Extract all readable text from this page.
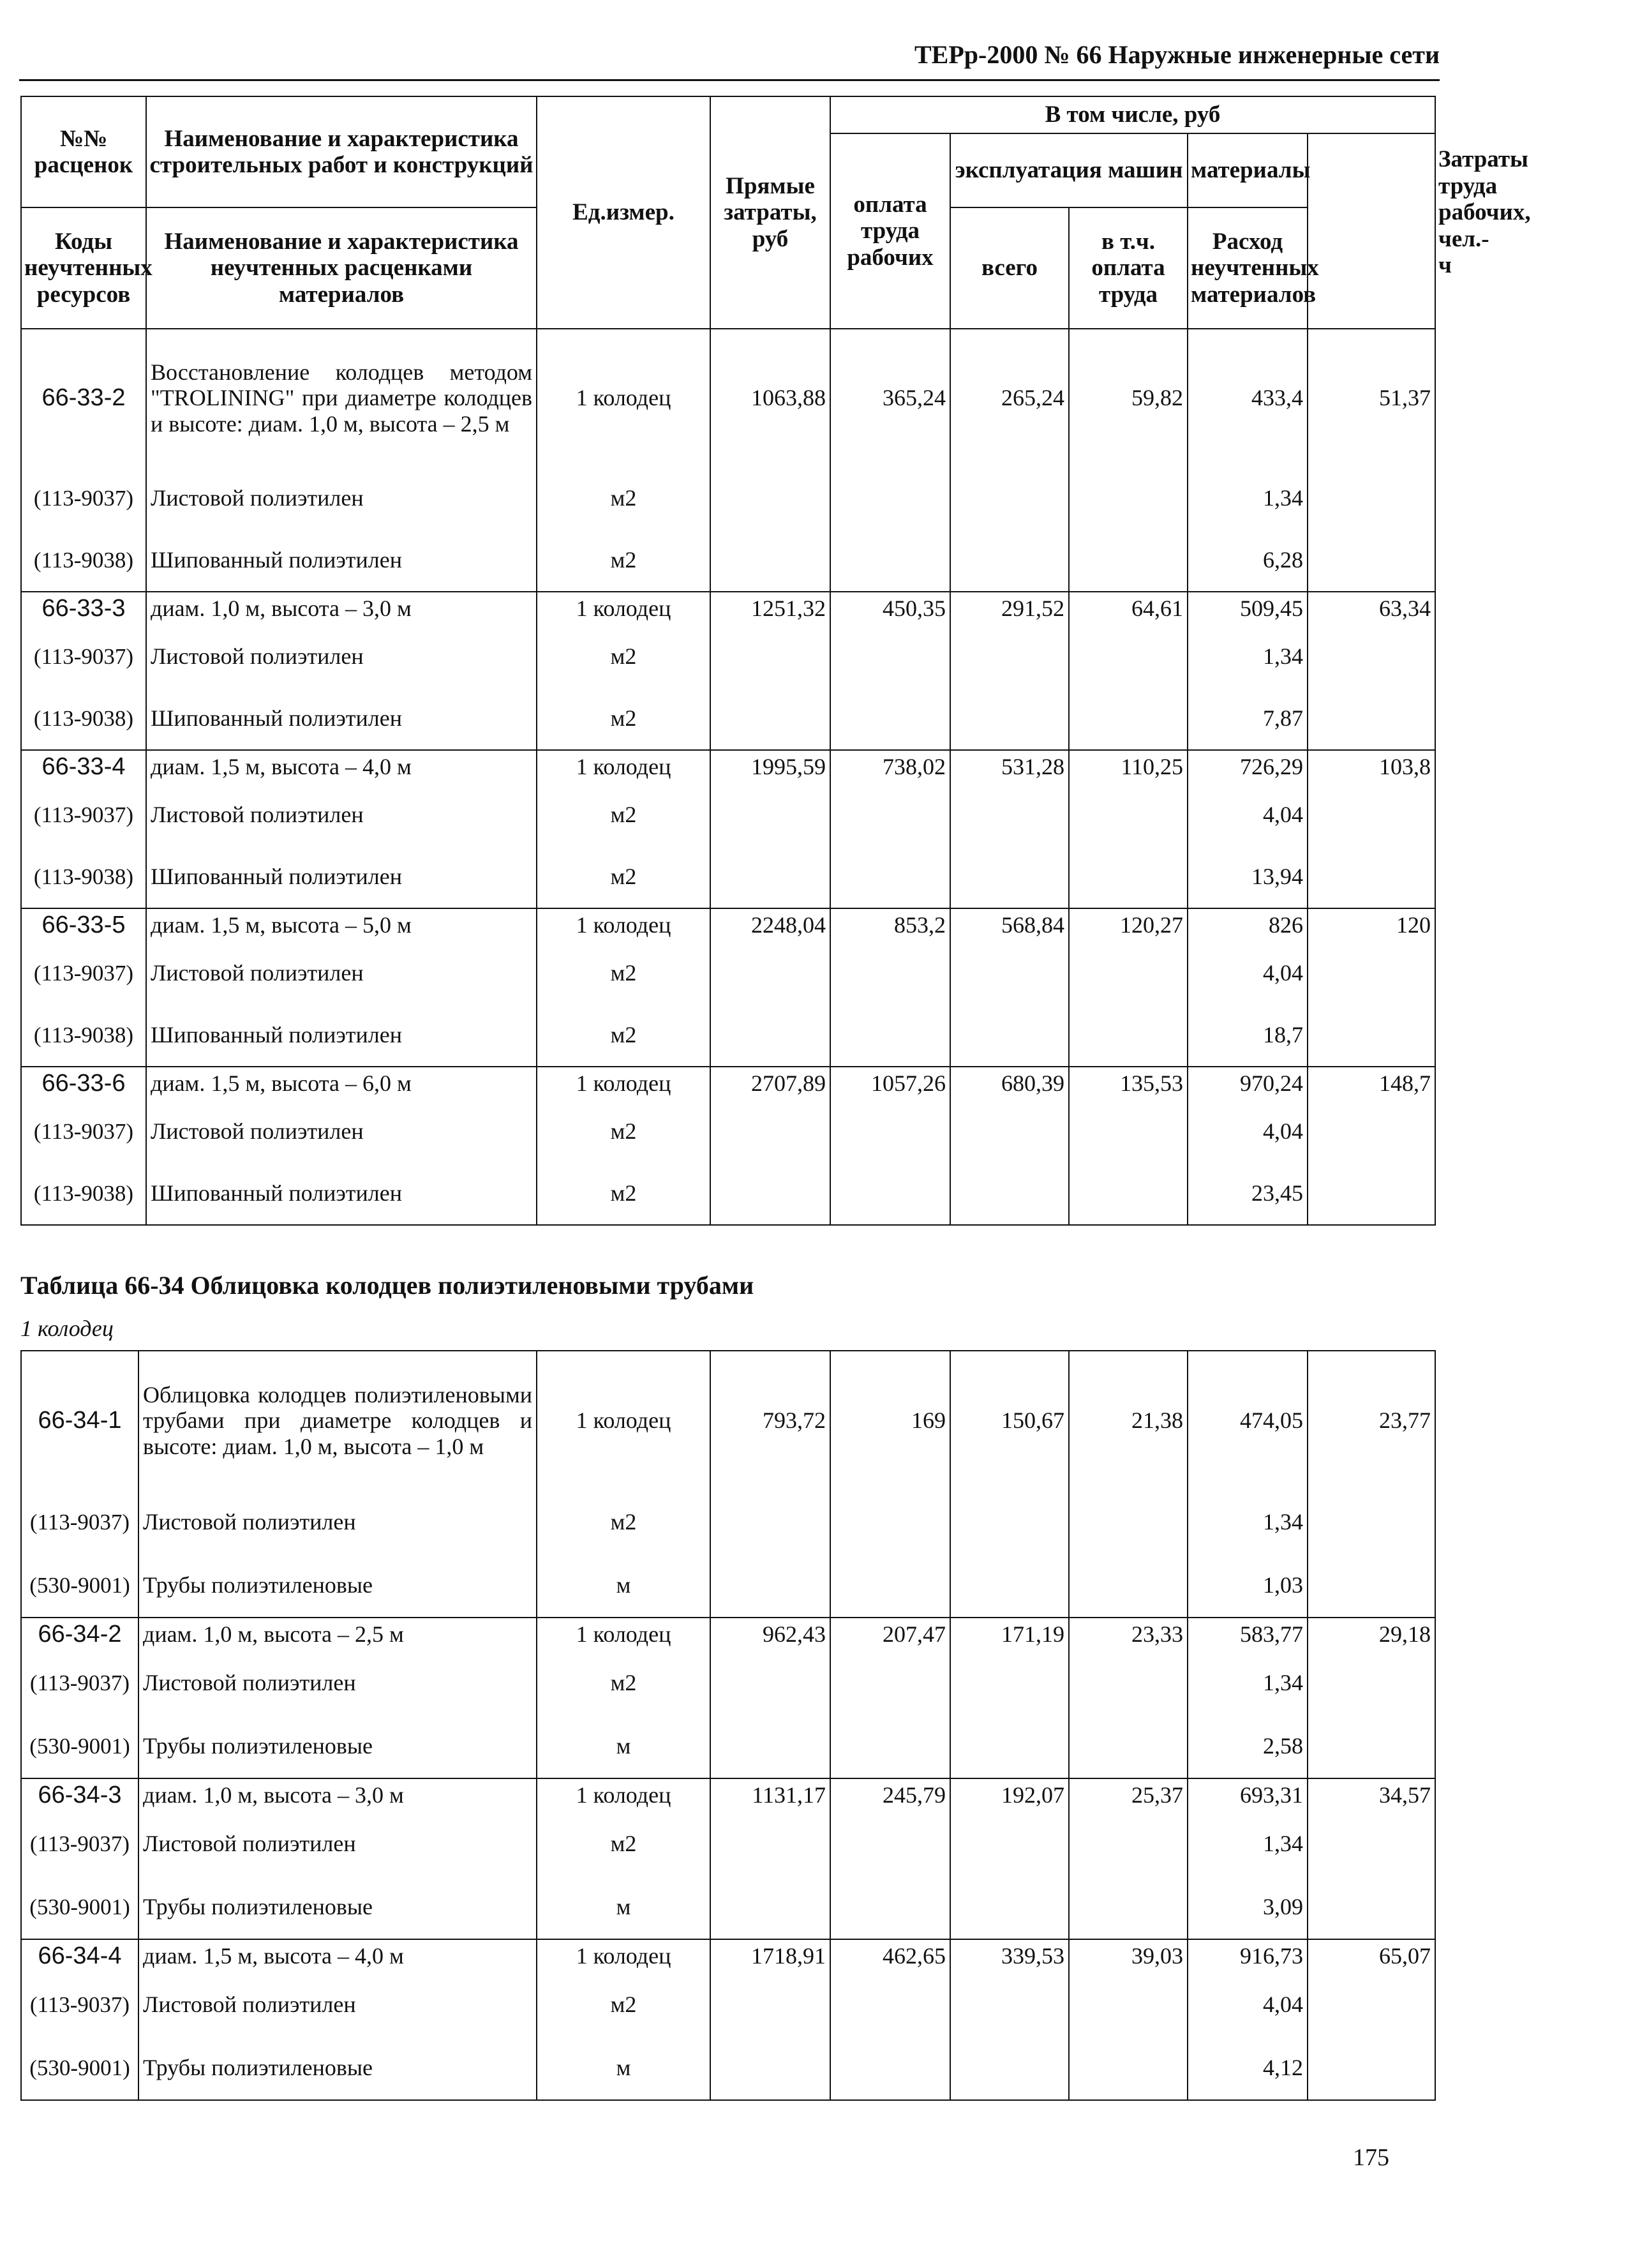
ТЕРр-2000 № 66 Наружные инженерные сети
№№ расценок	Наименование и характеристика строительных работ и конструкций	Ед.измер.	Прямые затраты, руб	В том числе, руб					Затраты труда рабочих, чел.-ч
				оплата труда рабочих	эксплуатация машин		материалы		

Коды неучтенных ресурсов	Наименование и характеристика неучтенных расценками материалов				всего	в т.ч. оплата труда	Расход неучтенных материалов		

66-33-2	Восстановление колодцев методом "TROLINING" при диаметре колодцев и высоте: диам. 1,0 м, высота – 2,5 м	1 колодец	1063,88	365,24	265,24	59,82	433,4	51,37	
(113-9037)	Листовой полиэтилен	м2					1,34		
(113-9038)	Шипованный полиэтилен	м2					6,28		
66-33-3	диам. 1,0 м, высота – 3,0 м	1 колодец	1251,32	450,35	291,52	64,61	509,45	63,34	
(113-9037)	Листовой полиэтилен	м2					1,34		
(113-9038)	Шипованный полиэтилен	м2					7,87		
66-33-4	диам. 1,5 м, высота – 4,0 м	1 колодец	1995,59	738,02	531,28	110,25	726,29	103,8	
(113-9037)	Листовой полиэтилен	м2					4,04		
(113-9038)	Шипованный полиэтилен	м2					13,94		
66-33-5	диам. 1,5 м, высота – 5,0 м	1 колодец	2248,04	853,2	568,84	120,27	826	120	
(113-9037)	Листовой полиэтилен	м2					4,04		
(113-9038)	Шипованный полиэтилен	м2					18,7		
66-33-6	диам. 1,5 м, высота – 6,0 м	1 колодец	2707,89	1057,26	680,39	135,53	970,24	148,7	
(113-9037)	Листовой полиэтилен	м2					4,04		
(113-9038)	Шипованный полиэтилен	м2					23,45		
Таблица 66-34 Облицовка колодцев полиэтиленовыми трубами
1 колодец
66-34-1	Облицовка колодцев полиэтиленовыми трубами при диаметре колодцев и высоте: диам. 1,0 м, высота – 1,0 м	1 колодец	793,72	169	150,67	21,38	474,05	23,77
(113-9037)	Листовой полиэтилен	м2					1,34	
(530-9001)	Трубы полиэтиленовые	м					1,03	
66-34-2	диам. 1,0 м, высота – 2,5 м	1 колодец	962,43	207,47	171,19	23,33	583,77	29,18
(113-9037)	Листовой полиэтилен	м2					1,34	
(530-9001)	Трубы полиэтиленовые	м					2,58	
66-34-3	диам. 1,0 м, высота – 3,0 м	1 колодец	1131,17	245,79	192,07	25,37	693,31	34,57
(113-9037)	Листовой полиэтилен	м2					1,34	
(530-9001)	Трубы полиэтиленовые	м					3,09	
66-34-4	диам. 1,5 м, высота – 4,0 м	1 колодец	1718,91	462,65	339,53	39,03	916,73	65,07
(113-9037)	Листовой полиэтилен	м2					4,04	
(530-9001)	Трубы полиэтиленовые	м					4,12	
175
